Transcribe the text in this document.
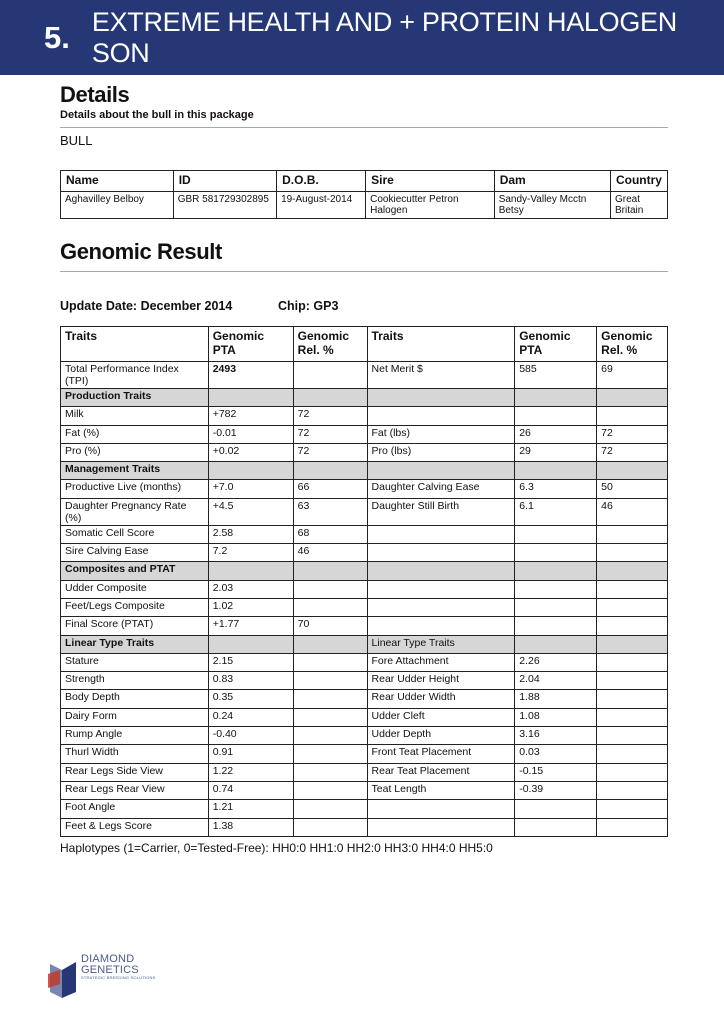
5. EXTREME HEALTH AND + PROTEIN HALOGEN SON
Details
Details about the bull in this package
BULL
Name	ID	D.O.B.	Sire	Dam	Country
Aghavilley Belboy	GBR 581729302895	19-August-2014	Cookiecutter Petron Halogen	Sandy-Valley Mcctn Betsy	Great Britain
Genomic Result
Update Date: December 2014	Chip: GP3
Traits	Genomic PTA	Genomic Rel. %	Traits	Genomic PTA	Genomic Rel. %
Total Performance Index (TPI)	2493		Net Merit $	585	69
Production Traits					
Milk	+782	72			
Fat (%)	-0.01	72	Fat (lbs)	26	72
Pro (%)	+0.02	72	Pro (lbs)	29	72
Management Traits					
Productive Live (months)	+7.0	66	Daughter Calving Ease	6.3	50
Daughter Pregnancy Rate (%)	+4.5	63	Daughter Still Birth	6.1	46
Somatic Cell Score	2.58	68			
Sire Calving Ease	7.2	46			
Composites and PTAT					
Udder Composite	2.03				
Feet/Legs Composite	1.02				
Final Score (PTAT)	+1.77	70			
Linear Type Traits			Linear Type Traits		
Stature	2.15		Fore Attachment	2.26	
Strength	0.83		Rear Udder Height	2.04	
Body Depth	0.35		Rear Udder Width	1.88	
Dairy Form	0.24		Udder Cleft	1.08	
Rump Angle	-0.40		Udder Depth	3.16	
Thurl Width	0.91		Front Teat Placement	0.03	
Rear Legs Side View	1.22		Rear Teat Placement	-0.15	
Rear Legs Rear View	0.74		Teat Length	-0.39	
Foot Angle	1.21				
Feet & Legs Score	1.38				
Haplotypes (1=Carrier, 0=Tested-Free): HH0:0 HH1:0 HH2:0 HH3:0 HH4:0 HH5:0
DIAMOND
GENETICS
STRATEGIC BREEDING SOLUTIONS
